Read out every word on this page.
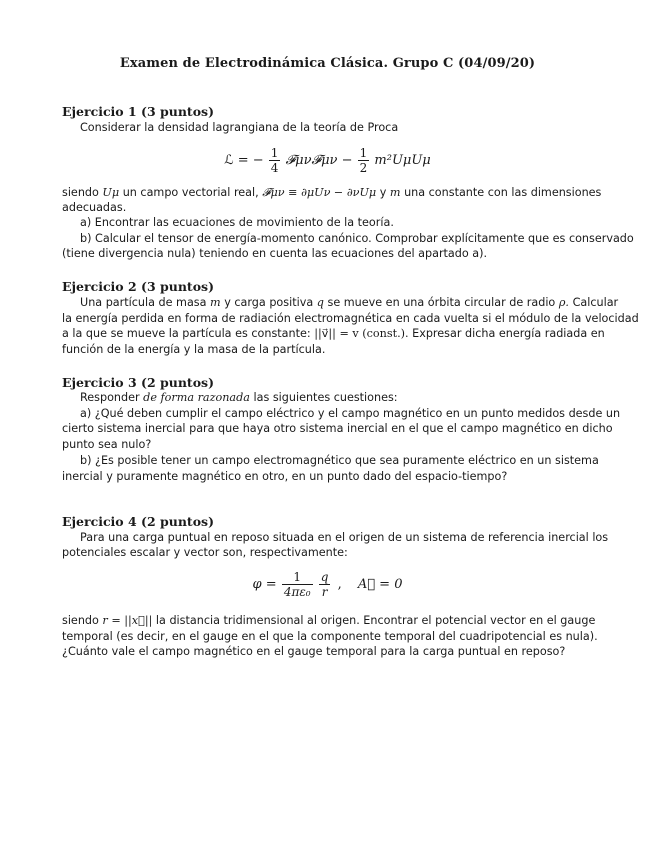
Examen de Electrodinámica Clásica. Grupo C (04/09/20)
Ejercicio 1 (3 puntos)
Considerar la densidad lagrangiana de la teoría de Proca
ℒ = − $\frac{1}{4}$ 𝓕μν𝓕μν − $\frac{1}{2} m^2U\mu U\mu$
siendo Uμ un campo vectorial real, 𝓕μν ≡ ∂μUν − ∂νUμ y m una constante con las dimensiones
adecuadas.
a) Encontrar las ecuaciones de movimiento de la teoría.
b) Calcular el tensor de energía-momento canónico. Comprobar explícitamente que es conservado
(tiene divergencia nula) teniendo en cuenta las ecuaciones del apartado a).
Ejercicio 2 (3 puntos)
Una partícula de masa m y carga positiva q se mueve en una órbita circular de radio ρ. Calcular
la energía perdida en forma de radiación electromagnética en cada vuelta si el módulo de la velocidad
a la que se mueve la partícula es constante: ||v⃗|| = v (const.). Expresar dicha energía radiada en
función de la energía y la masa de la partícula.
Ejercicio 3 (2 puntos)
Responder de forma razonada las siguientes cuestiones:
a) ¿Qué deben cumplir el campo eléctrico y el campo magnético en un punto medidos desde un
cierto sistema inercial para que haya otro sistema inercial en el que el campo magnético en dicho
punto sea nulo?
b) ¿Es posible tener un campo electromagnético que sea puramente eléctrico en un sistema
inercial y puramente magnético en otro, en un punto dado del espacio-tiempo?
Ejercicio 4 (2 puntos)
Para una carga puntual en reposo situada en el origen de un sistema de referencia inercial los
potenciales escalar y vector son, respectivamente:
$\varphi = \frac{1}{\text{4πε₀}}$
$\frac{q}{r}$ , A⃗ = 0
siendo r = ||x⃗|| la distancia tridimensional al origen. Encontrar el potencial vector en el gauge
temporal (es decir, en el gauge en el que la componente temporal del cuadripotencial es nula).
¿Cuánto vale el campo magnético en el gauge temporal para la carga puntual en reposo?
